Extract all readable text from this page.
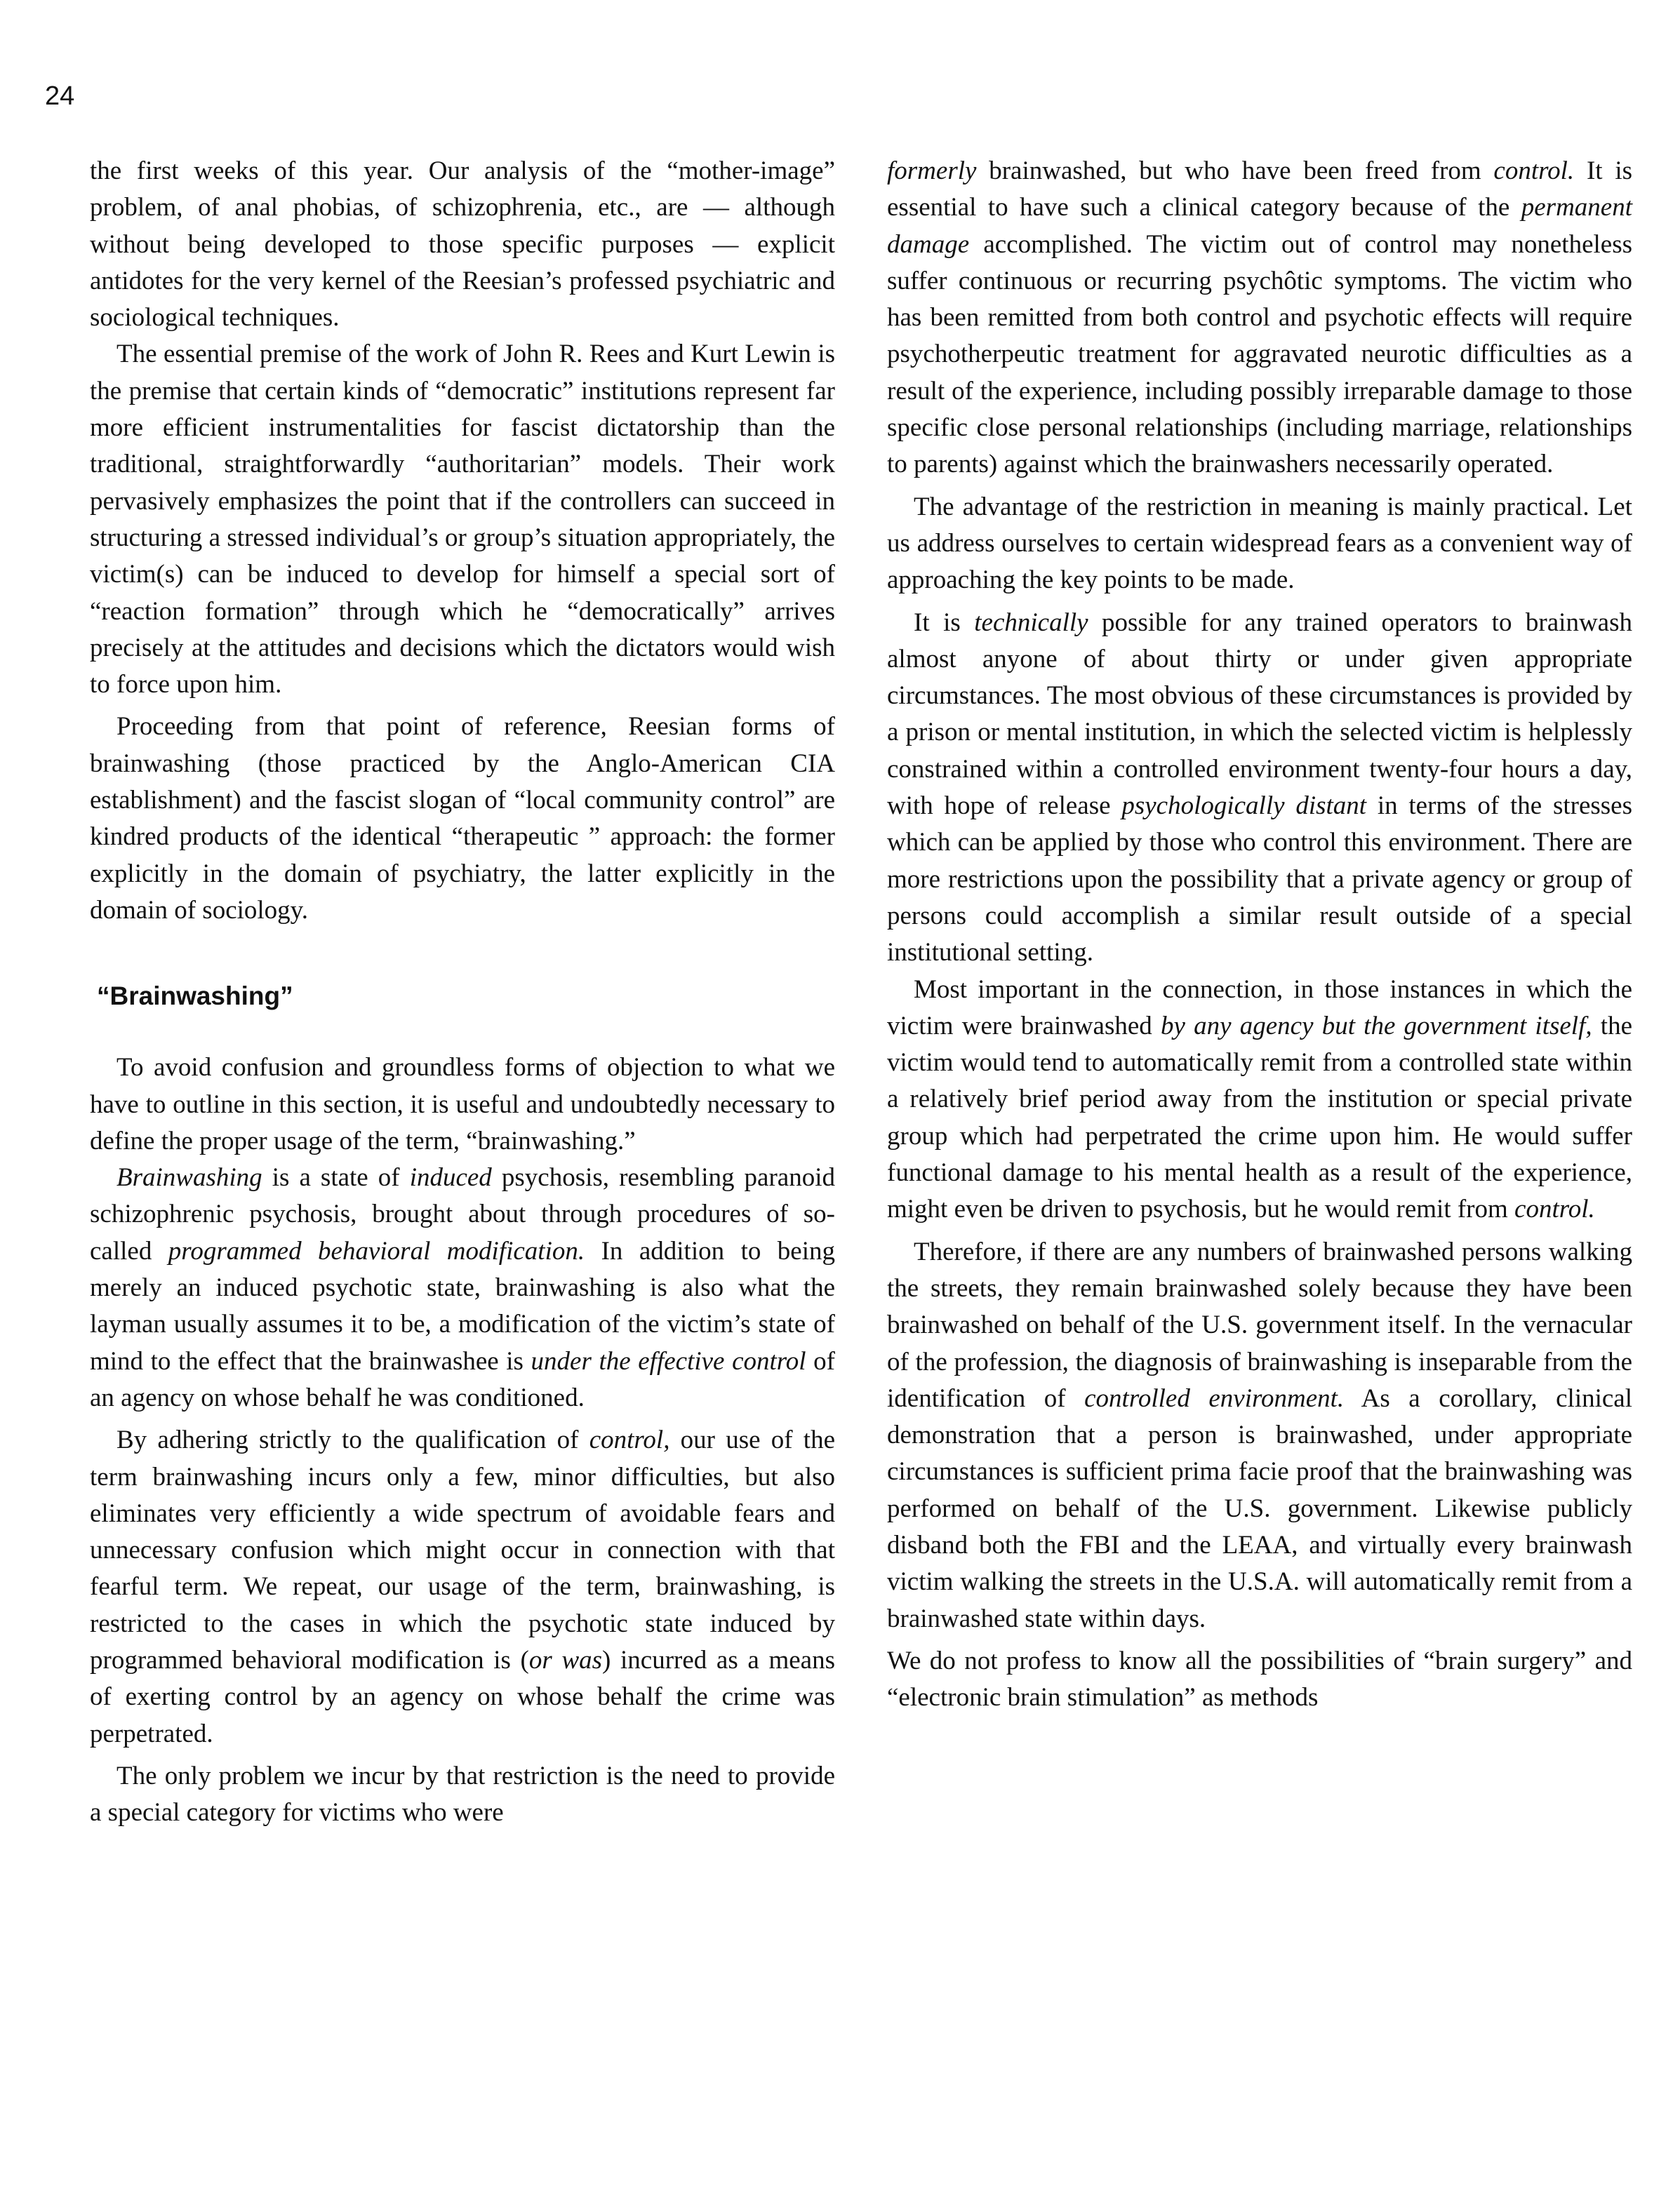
24

the first weeks of this year. Our analysis of the “mother-image” problem, of anal phobias, of schizophrenia, etc., are — although without being developed to those specific purposes — explicit antidotes for the very kernel of the Reesian’s professed psychiatric and sociological techniques.

The essential premise of the work of John R. Rees and Kurt Lewin is the premise that certain kinds of “democratic” institutions represent far more efficient instrumentalities for fascist dictatorship than the traditional, straightforwardly “authoritarian” models. Their work pervasively emphasizes the point that if the controllers can succeed in structuring a stressed individual’s or group’s situation appropriately, the victim(s) can be induced to develop for himself a special sort of “reaction formation” through which he “democratically” arrives precisely at the attitudes and decisions which the dictators would wish to force upon him.

Proceeding from that point of reference, Reesian forms of brainwashing (those practiced by the Anglo-American CIA establishment) and the fascist slogan of “local community control” are kindred products of the identical “therapeutic ” approach: the former explicitly in the domain of psychiatry, the latter explicitly in the domain of sociology.

“Brainwashing”

To avoid confusion and groundless forms of objection to what we have to outline in this section, it is useful and undoubtedly necessary to define the proper usage of the term, “brainwashing.”

Brainwashing is a state of induced psychosis, resembling paranoid schizophrenic psychosis, brought about through procedures of so-called programmed behavioral modification. In addition to being merely an induced psychotic state, brainwashing is also what the layman usually assumes it to be, a modification of the victim’s state of mind to the effect that the brainwashee is under the effective control of an agency on whose behalf he was conditioned.

By adhering strictly to the qualification of control, our use of the term brainwashing incurs only a few, minor difficulties, but also eliminates very efficiently a wide spectrum of avoidable fears and unnecessary confusion which might occur in connection with that fearful term. We repeat, our usage of the term, brainwashing, is restricted to the cases in which the psychotic state induced by programmed behavioral modification is (or was) incurred as a means of exerting control by an agency on whose behalf the crime was perpetrated.

The only problem we incur by that restriction is the need to provide a special category for victims who were

formerly brainwashed, but who have been freed from control. It is essential to have such a clinical category because of the permanent damage accomplished. The victim out of control may nonetheless suffer continuous or recurring psychôtic symptoms. The victim who has been remitted from both control and psychotic effects will require psychotherpeutic treatment for aggravated neurotic difficulties as a result of the experience, including possibly irreparable damage to those specific close personal relationships (including marriage, relationships to parents) against which the brainwashers necessarily operated.

The advantage of the restriction in meaning is mainly practical. Let us address ourselves to certain widespread fears as a convenient way of approaching the key points to be made.

It is technically possible for any trained operators to brainwash almost anyone of about thirty or under given appropriate circumstances. The most obvious of these circumstances is provided by a prison or mental institution, in which the selected victim is helplessly constrained within a controlled environment twenty-four hours a day, with hope of release psychologically distant in terms of the stresses which can be applied by those who control this environment. There are more restrictions upon the possibility that a private agency or group of persons could accomplish a similar result outside of a special institutional setting.

Most important in the connection, in those instances in which the victim were brainwashed by any agency but the government itself, the victim would tend to automatically remit from a controlled state within a relatively brief period away from the institution or special private group which had perpetrated the crime upon him. He would suffer functional damage to his mental health as a result of the experience, might even be driven to psychosis, but he would remit from control.

Therefore, if there are any numbers of brainwashed persons walking the streets, they remain brainwashed solely because they have been brainwashed on behalf of the U.S. government itself. In the vernacular of the profession, the diagnosis of brainwashing is inseparable from the identification of controlled environment. As a corollary, clinical demonstration that a person is brainwashed, under appropriate circumstances is sufficient prima facie proof that the brainwashing was performed on behalf of the U.S. government. Likewise publicly disband both the FBI and the LEAA, and virtually every brainwash victim walking the streets in the U.S.A. will automatically remit from a brainwashed state within days.

We do not profess to know all the possibilities of “brain surgery” and “electronic brain stimulation” as methods
